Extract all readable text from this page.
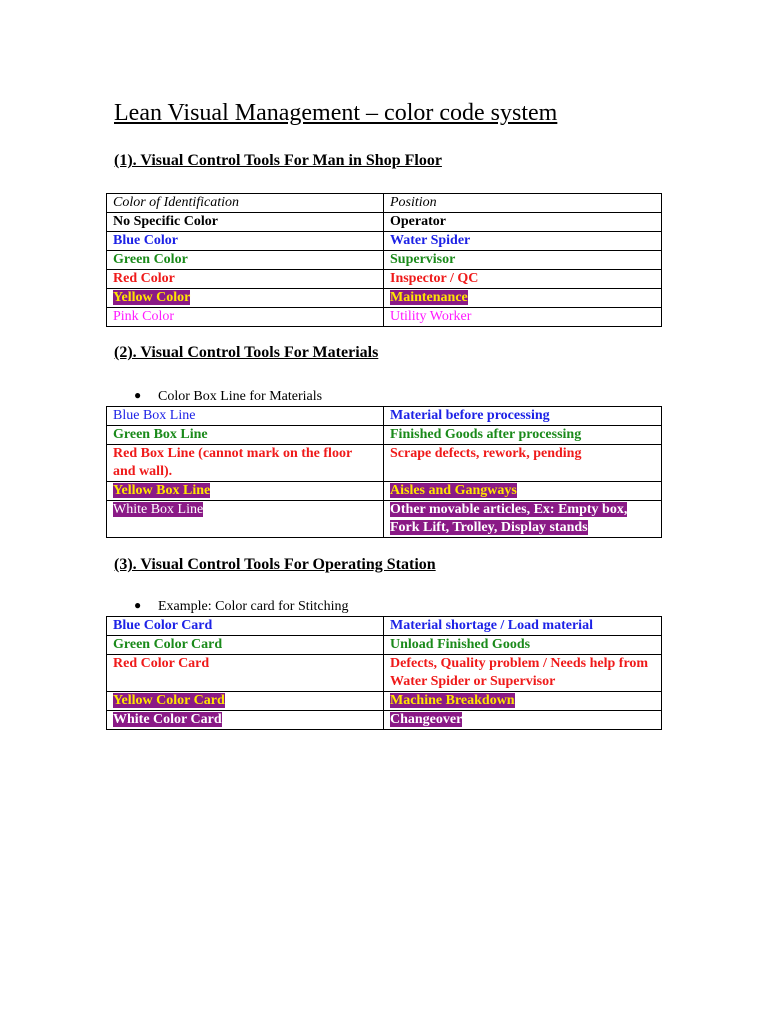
Lean Visual Management – color code system
(1). Visual Control Tools For Man in Shop Floor
Color of Identification	Position
No Specific Color	Operator
Blue Color	Water Spider
Green Color	Supervisor
Red Color	Inspector / QC
Yellow Color	Maintenance
Pink Color	Utility Worker
(2). Visual Control Tools For Materials
● Color Box Line for Materials
Blue Box Line	Material before processing
Green Box Line	Finished Goods after processing
Red Box Line (cannot mark on the floor and wall).	Scrape defects, rework, pending
Yellow Box Line	Aisles and Gangways
White Box Line	Other movable articles, Ex: Empty box, Fork Lift, Trolley, Display stands
(3). Visual Control Tools For Operating Station
● Example: Color card for Stitching
Blue Color Card	Material shortage / Load material
Green Color Card	Unload Finished Goods
Red Color Card	Defects, Quality problem / Needs help from Water Spider or Supervisor
Yellow Color Card	Machine Breakdown
White Color Card	Changeover
